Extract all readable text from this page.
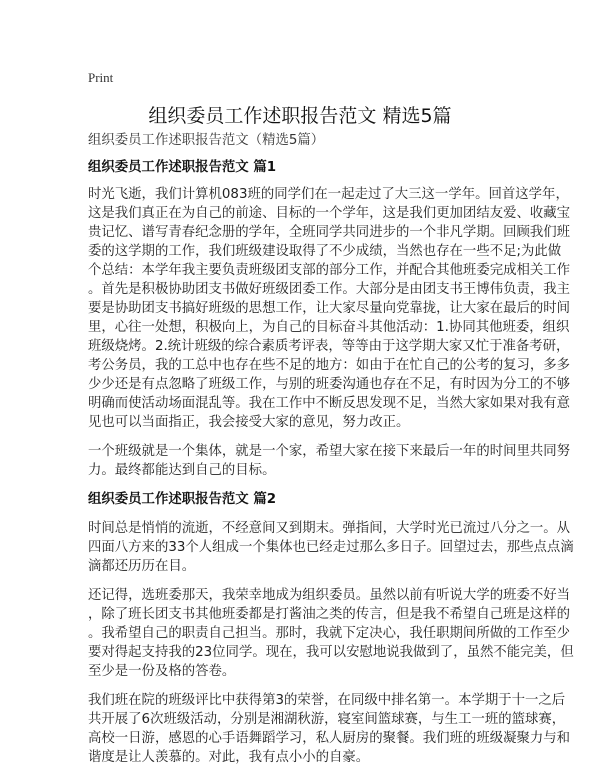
Print
组织委员工作述职报告范文 精选5篇
组织委员工作述职报告范文（精选5篇）
组织委员工作述职报告范文 篇1
时光飞逝，我们计算机083班的同学们在一起走过了大三这一学年。回首这学年，
这是我们真正在为自己的前途、目标的一个学年，这是我们更加团结友爱、收藏宝
贵记忆、谱写青春纪念册的学年，全班同学共同进步的一个非凡学期。回顾我们班
委的这学期的工作，我们班级建设取得了不少成绩，当然也存在一些不足;为此做
个总结：本学年我主要负责班级团支部的部分工作，并配合其他班委完成相关工作
。首先是积极协助团支书做好班级团委工作。大部分是由团支书王博伟负责，我主
要是协助团支书搞好班级的思想工作，让大家尽量向党靠拢，让大家在最后的时间
里，心往一处想，积极向上，为自己的目标奋斗其他活动：1.协同其他班委，组织
班级烧烤。2.统计班级的综合素质考评表，等等由于这学期大家又忙于准备考研，
考公务员，我的工总中也存在些不足的地方：如由于在忙自己的公考的复习，多多
少少还是有点忽略了班级工作，与别的班委沟通也存在不足，有时因为分工的不够
明确而使活动场面混乱等。我在工作中不断反思发现不足，当然大家如果对我有意
见也可以当面指正，我会接受大家的意见，努力改正。
一个班级就是一个集体，就是一个家，希望大家在接下来最后一年的时间里共同努
力。最终都能达到自己的目标。
组织委员工作述职报告范文 篇2
时间总是悄悄的流逝，不经意间又到期末。弹指间，大学时光已流过八分之一。从
四面八方来的33个人组成一个集体也已经走过那么多日子。回望过去，那些点点滴
滴都还历历在目。
还记得，选班委那天，我荣幸地成为组织委员。虽然以前有听说大学的班委不好当
，除了班长团支书其他班委都是打酱油之类的传言，但是我不希望自己班是这样的
。我希望自己的职责自己担当。那时，我就下定决心，我任职期间所做的工作至少
要对得起支持我的23位同学。现在，我可以安慰地说我做到了，虽然不能完美，但
至少是一份及格的答卷。
我们班在院的班级评比中获得第3的荣誉，在同级中排名第一。本学期于十一之后
共开展了6次班级活动，分别是湘湖秋游，寝室间篮球赛，与生工一班的篮球赛，
高校一日游，感恩的心手语舞蹈学习，私人厨房的聚餐。我们班的班级凝聚力与和
谐度是让人羡慕的。对此，我有点小小的自豪。
